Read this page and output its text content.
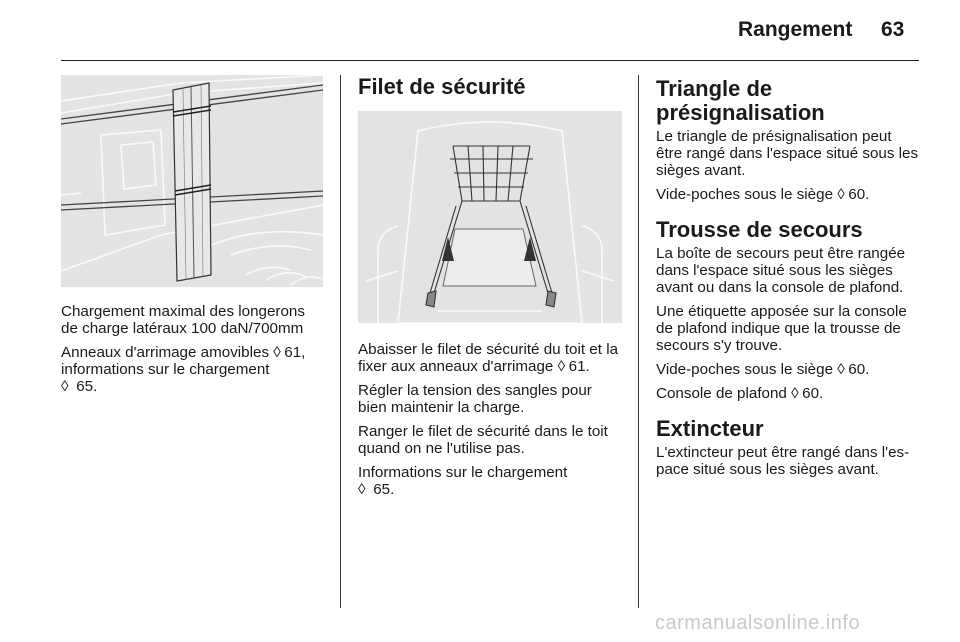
Rangement 63

Chargement maximal des longerons de charge latéraux 100 daN/700mm

Anneaux d'arrimage amovibles ◊ 61,
informations sur le chargement
◊ 65.

Filet de sécurité

Abaisser le filet de sécurité du toit et la fixer aux anneaux d'arrimage ◊ 61.

Régler la tension des sangles pour bien maintenir la charge.

Ranger le filet de sécurité dans le toit quand on ne l'utilise pas.

Informations sur le chargement
◊ 65.

Triangle de présignalisation

Le triangle de présignalisation peut être rangé dans l'espace situé sous les sièges avant.

Vide-poches sous le siège ◊ 60.

Trousse de secours

La boîte de secours peut être rangée dans l'espace situé sous les sièges avant ou dans la console de plafond.

Une étiquette apposée sur la console de plafond indique que la trousse de secours s'y trouve.

Vide-poches sous le siège ◊ 60.

Console de plafond ◊ 60.

Extincteur

L'extincteur peut être rangé dans l'es-pace situé sous les sièges avant.

carmanualsonline.info
